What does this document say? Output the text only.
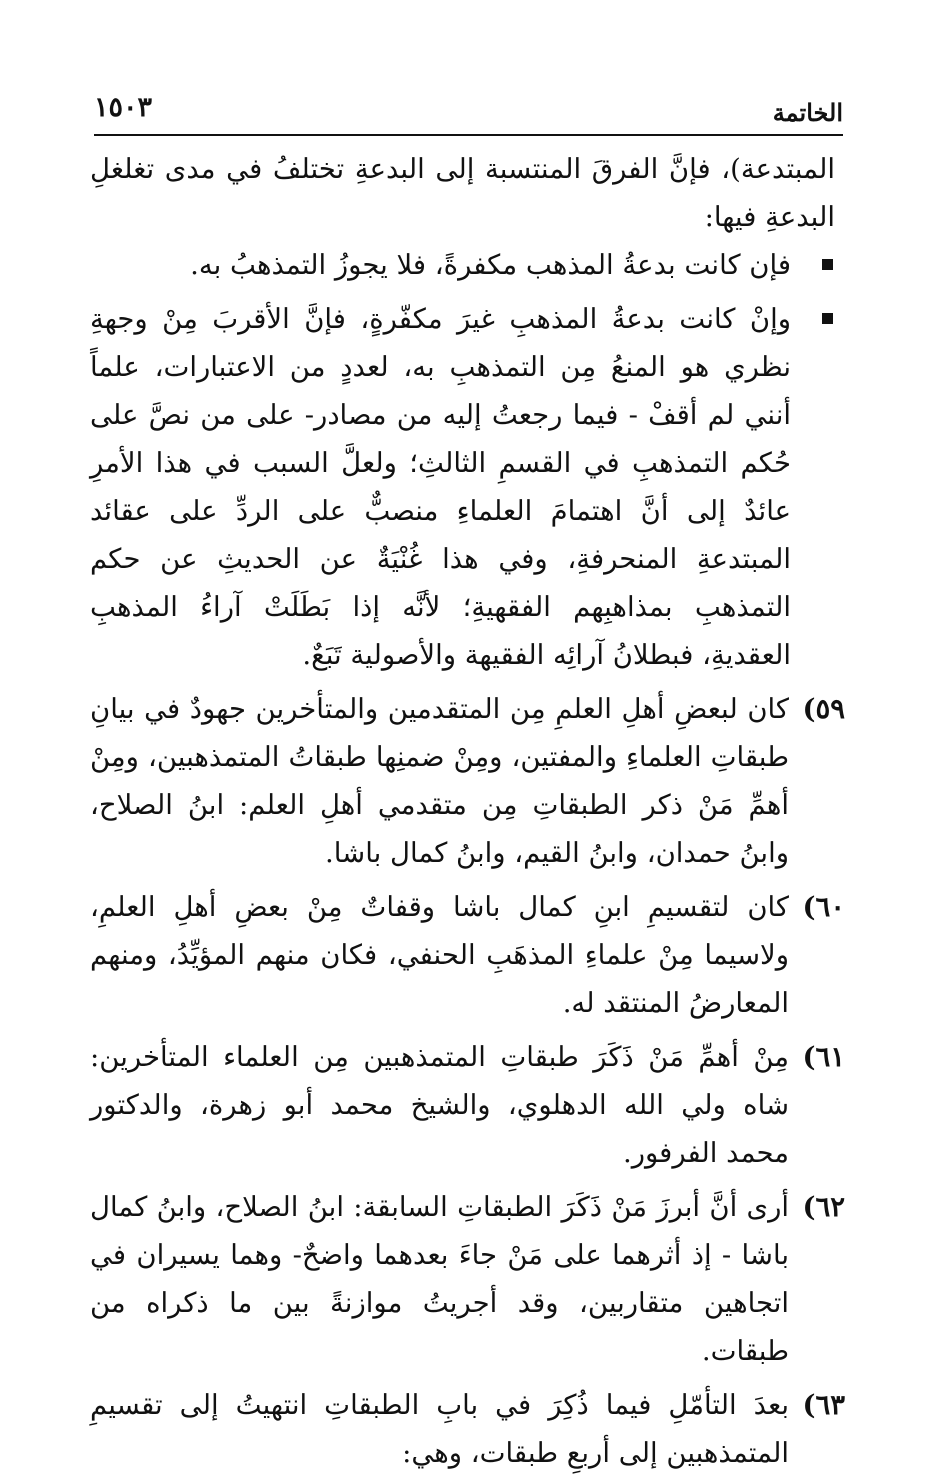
الخاتمة
١٥٠٣

المبتدعة)، فإنَّ الفرقَ المنتسبة إلى البدعةِ تختلفُ في مدى تغلغلِ البدعةِ فيها:

فإن كانت بدعةُ المذهب مكفرةً، فلا يجوزُ التمذهبُ به.
وإنْ كانت بدعةُ المذهبِ غيرَ مكفّرةٍ، فإنَّ الأقربَ مِنْ وجهةِ نظري هو المنعُ مِن التمذهبِ به، لعددٍ من الاعتبارات، علماً أنني لم أقفْ - فيما رجعتُ إليه من مصادر- على من نصَّ على حُكم التمذهبِ في القسمِ الثالثِ؛ ولعلَّ السبب في هذا الأمرِ عائدٌ إلى أنَّ اهتمامَ العلماءِ منصبٌّ على الردِّ على عقائد المبتدعةِ المنحرفةِ، وفي هذا غُنْيَةٌ عن الحديثِ عن حكم التمذهبِ بمذاهبِهم الفقهيةِ؛ لأنَّه إذا بَطَلَتْ آراءُ المذهبِ العقديةِ، فبطلانُ آرائِه الفقيهة والأصولية تَبَعٌ.
٥٩)
كان لبعضِ أهلِ العلمِ مِن المتقدمين والمتأخرين جهودٌ في بيانِ طبقاتِ العلماءِ والمفتين، ومِنْ ضمنِها طبقاتُ المتمذهبين، ومِنْ أهمِّ مَنْ ذكر الطبقاتِ مِن متقدمي أهلِ العلم: ابنُ الصلاح، وابنُ حمدان، وابنُ القيم، وابنُ كمال باشا.
٦٠)
كان لتقسيمِ ابنِ كمال باشا وقفاتٌ مِنْ بعضِ أهلِ العلمِ، ولاسيما مِنْ علماءِ المذهَبِ الحنفي، فكان منهم المؤيِّدُ، ومنهم المعارضُ المنتقد له.
٦١)
مِنْ أهمِّ مَنْ ذَكَرَ طبقاتِ المتمذهبين مِن العلماء المتأخرين: شاه ولي الله الدهلوي، والشيخ محمد أبو زهرة، والدكتور محمد الفرفور.
٦٢)
أرى أنَّ أبرزَ مَنْ ذَكَرَ الطبقاتِ السابقة: ابنُ الصلاح، وابنُ كمال باشا - إذ أثرهما على مَنْ جاءَ بعدهما واضحٌ- وهما يسيران في اتجاهين متقاربين، وقد أجريتُ موازنةً بين ما ذكراه من طبقات.
٦٣)
بعدَ التأمّلِ فيما ذُكِرَ في بابِ الطبقاتِ انتهيتُ إلى تقسيمِ المتمذهبين إلى أربعِ طبقات، وهي:
